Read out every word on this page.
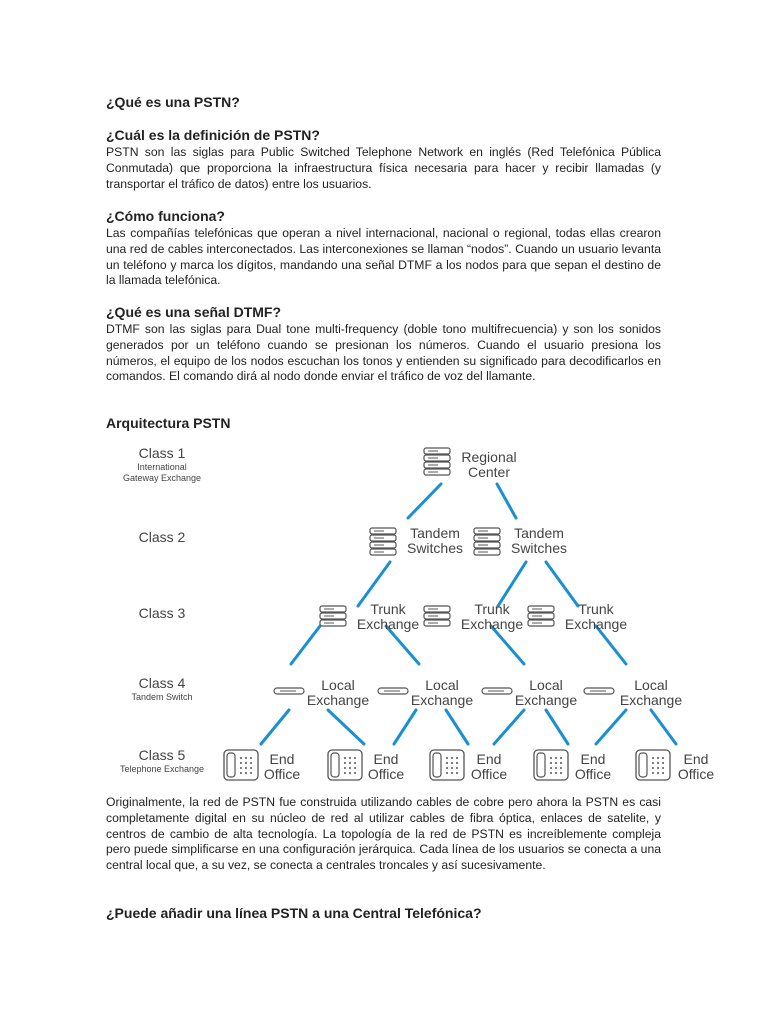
¿Qué es una PSTN?
¿Cuál es la definición de PSTN?

PSTN son las siglas para Public Switched Telephone Network en inglés (Red Telefónica Pública Conmutada) que proporciona la infraestructura física necesaria para hacer y recibir llamadas (y transportar el tráfico de datos) entre los usuarios.

¿Cómo funciona?

Las compañías telefónicas que operan a nivel internacional, nacional o regional, todas ellas crearon una red de cables interconectados. Las interconexiones se llaman “nodos”. Cuando un usuario levanta un teléfono y marca los dígitos, mandando una señal DTMF a los nodos para que sepan el destino de la llamada telefónica.

¿Qué es una señal DTMF?

DTMF son las siglas para Dual tone multi-frequency (doble tono multifrecuencia) y son los sonidos generados por un teléfono cuando se presionan los números. Cuando el usuario presiona los números, el equipo de los nodos escuchan los tonos y entienden su significado para decodificarlos en comandos. El comando dirá al nodo donde enviar el tráfico de voz del llamante.

Arquitectura PSTN
Class 1
International
Gateway Exchange
Class 2
Class 3
Class 4
Tandem Switch
Class 5
Telephone Exchange
Regional
Center
Tandem
Switches
Tandem
Switches
Trunk
Exchange
Trunk
Exchange
Trunk
Exchange
Local
Exchange
Local
Exchange
Local
Exchange
Local
Exchange
End
Office
End
Office
End
Office
End
Office
End
Office

Originalmente, la red de PSTN fue construida utilizando cables de cobre pero ahora la PSTN es casi completamente digital en su núcleo de red al utilizar cables de fibra óptica, enlaces de satelite, y centros de cambio de alta tecnología. La topología de la red de PSTN es increíblemente compleja pero puede simplificarse en una configuración jerárquica. Cada línea de los usuarios se conecta a una central local que, a su vez, se conecta a centrales troncales y así sucesivamente.

¿Puede añadir una línea PSTN a una Central Telefónica?
